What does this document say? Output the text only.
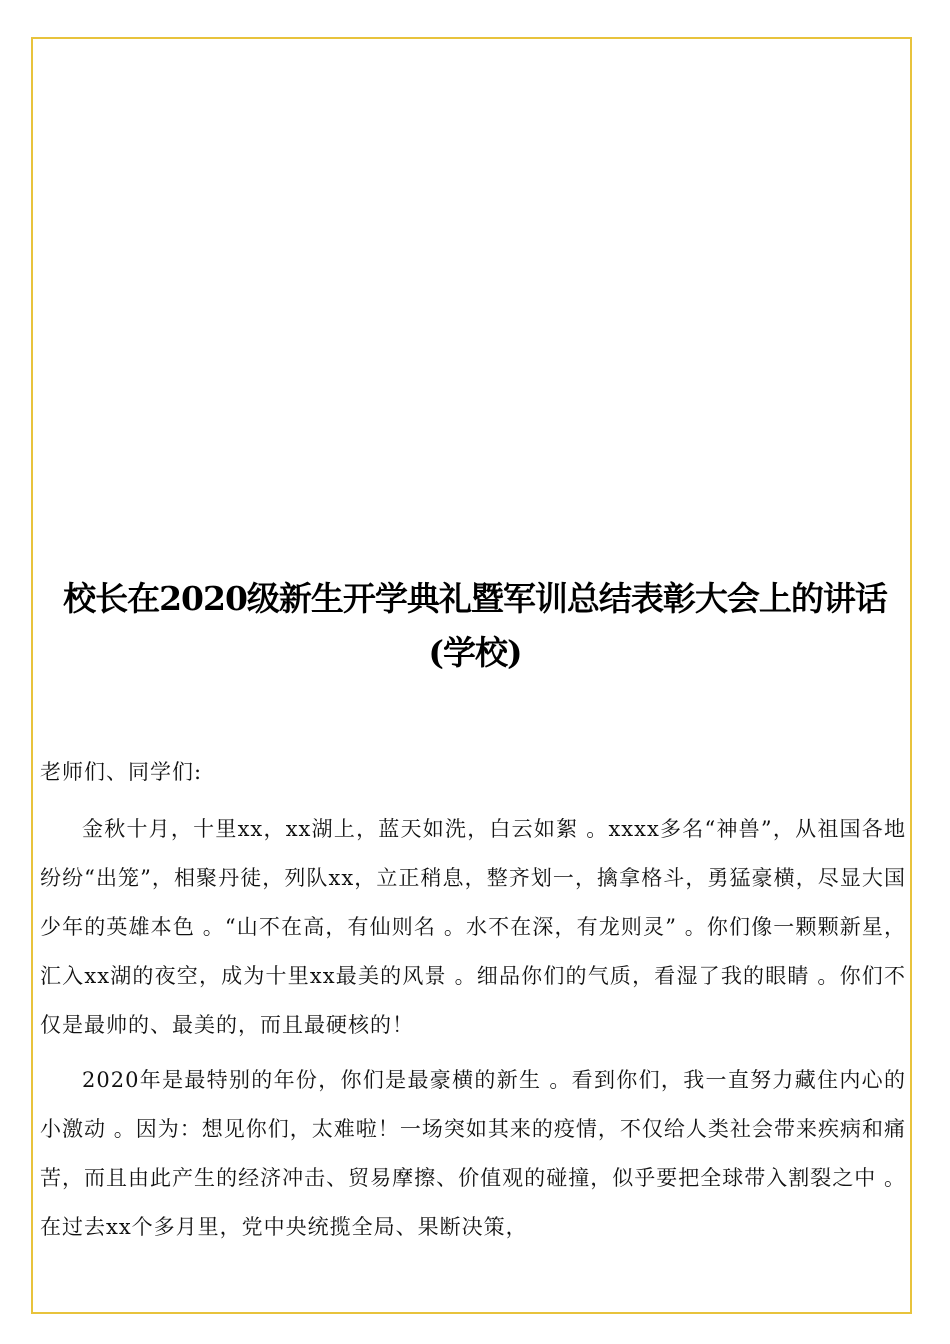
校长在2020级新生开学典礼暨军训总结表彰大会上的讲话(学校)

老师们、同学们:

金秋十月，十里xx，xx湖上，蓝天如洗，白云如絮 。xxxx多名“神兽”，从祖国各地纷纷“出笼”，相聚丹徒，列队xx，立正稍息，整齐划一，擒拿格斗，勇猛豪横，尽显大国少年的英雄本色 。“山不在高，有仙则名 。水不在深，有龙则灵” 。你们像一颗颗新星，汇入xx湖的夜空，成为十里xx最美的风景 。细品你们的气质，看湿了我的眼睛 。你们不仅是最帅的、最美的，而且最硬核的！

2020年是最特别的年份，你们是最豪横的新生 。看到你们，我一直努力藏住内心的小激动 。因为：想见你们，太难啦！一场突如其来的疫情，不仅给人类社会带来疾病和痛苦，而且由此产生的经济冲击、贸易摩擦、价值观的碰撞，似乎要把全球带入割裂之中 。在过去xx个多月里，党中央统揽全局、果断决策，
